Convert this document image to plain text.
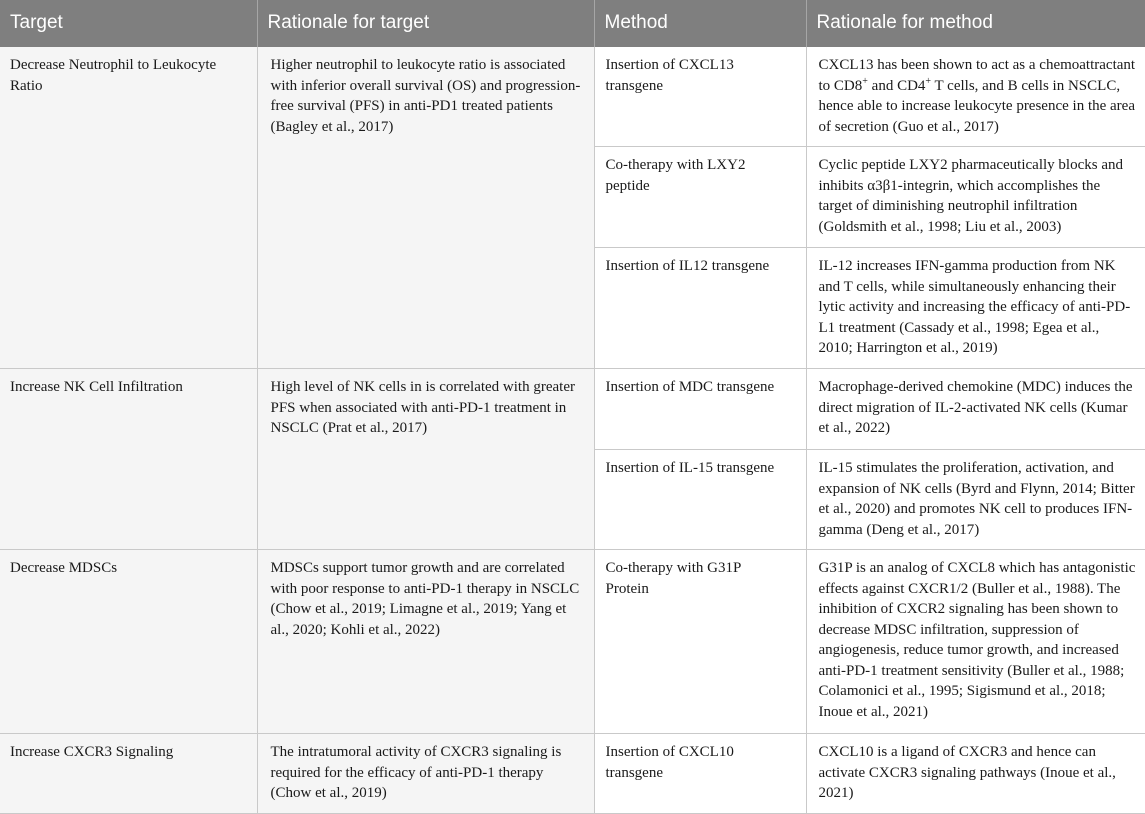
Target	Rationale for target	Method	Rationale for method
Decrease Neutrophil to Leukocyte Ratio	Higher neutrophil to leukocyte ratio is associated with inferior overall survival (OS) and progression-free survival (PFS) in anti-PD1 treated patients (Bagley et al., 2017)	Insertion of CXCL13 transgene	CXCL13 has been shown to act as a chemoattractant to CD8+ and CD4+ T cells, and B cells in NSCLC, hence able to increase leukocyte presence in the area of secretion (Guo et al., 2017)
		Co-therapy with LXY2 peptide	Cyclic peptide LXY2 pharmaceutically blocks and inhibits α3β1-integrin, which accomplishes the target of diminishing neutrophil infiltration (Goldsmith et al., 1998; Liu et al., 2003)
		Insertion of IL12 transgene	IL-12 increases IFN-gamma production from NK and T cells, while simultaneously enhancing their lytic activity and increasing the efficacy of anti-PD-L1 treatment (Cassady et al., 1998; Egea et al., 2010; Harrington et al., 2019)
Increase NK Cell Infiltration	High level of NK cells in is correlated with greater PFS when associated with anti-PD-1 treatment in NSCLC (Prat et al., 2017)	Insertion of MDC transgene	Macrophage-derived chemokine (MDC) induces the direct migration of IL-2-activated NK cells (Kumar et al., 2022)
		Insertion of IL-15 transgene	IL-15 stimulates the proliferation, activation, and expansion of NK cells (Byrd and Flynn, 2014; Bitter et al., 2020) and promotes NK cell to produces IFN-gamma (Deng et al., 2017)
Decrease MDSCs	MDSCs support tumor growth and are correlated with poor response to anti-PD-1 therapy in NSCLC (Chow et al., 2019; Limagne et al., 2019; Yang et al., 2020; Kohli et al., 2022)	Co-therapy with G31P Protein	G31P is an analog of CXCL8 which has antagonistic effects against CXCR1/2 (Buller et al., 1988). The inhibition of CXCR2 signaling has been shown to decrease MDSC infiltration, suppression of angiogenesis, reduce tumor growth, and increased anti-PD-1 treatment sensitivity (Buller et al., 1988; Colamonici et al., 1995; Sigismund et al., 2018; Inoue et al., 2021)
Increase CXCR3 Signaling	The intratumoral activity of CXCR3 signaling is required for the efficacy of anti-PD-1 therapy (Chow et al., 2019)	Insertion of CXCL10 transgene	CXCL10 is a ligand of CXCR3 and hence can activate CXCR3 signaling pathways (Inoue et al., 2021)
